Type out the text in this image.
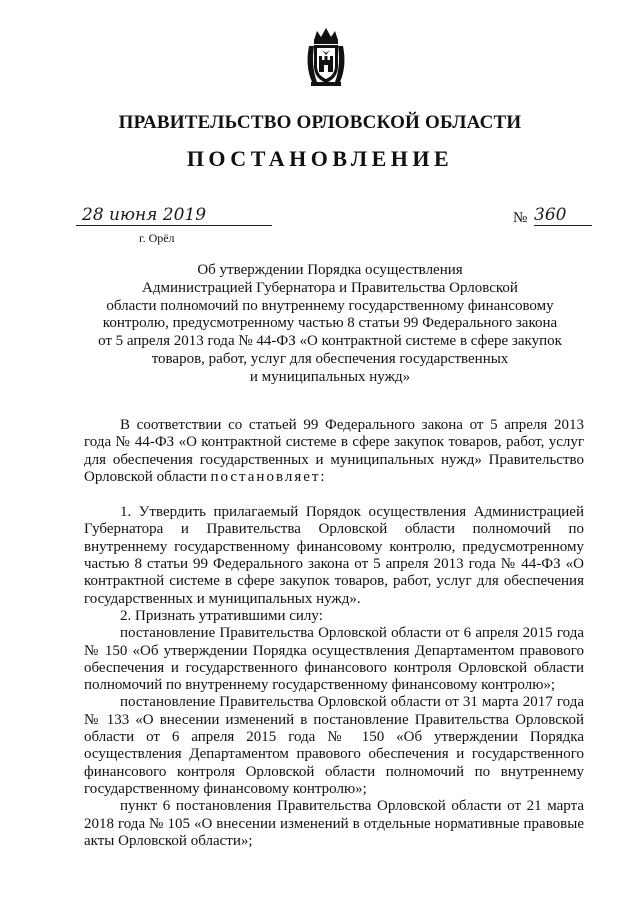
ПРАВИТЕЛЬСТВО ОРЛОВСКОЙ ОБЛАСТИ
ПОСТАНОВЛЕНИЕ
28 июня 2019	№ 360
г. Орёл
Об утверждении Порядка осуществления
Администрацией Губернатора и Правительства Орловской
области полномочий по внутреннему государственному финансовому
контролю, предусмотренному частью 8 статьи 99 Федерального закона
от 5 апреля 2013 года № 44-ФЗ «О контрактной системе в сфере закупок
товаров, работ, услуг для обеспечения государственных
и муниципальных нужд»

В соответствии со статьей 99 Федерального закона от 5 апреля 2013 года № 44-ФЗ «О контрактной системе в сфере закупок товаров, работ, услуг для обеспечения государственных и муниципальных нужд» Правительство Орловской области постановляет:

1. Утвердить прилагаемый Порядок осуществления Администрацией Губернатора и Правительства Орловской области полномочий по внутреннему государственному финансовому контролю, предусмотренному частью 8 статьи 99 Федерального закона от 5 апреля 2013 года № 44-ФЗ «О контрактной системе в сфере закупок товаров, работ, услуг для обеспечения государственных и муниципальных нужд».

2. Признать утратившими силу:

постановление Правительства Орловской области от 6 апреля 2015 года № 150 «Об утверждении Порядка осуществления Департаментом правового обеспечения и государственного финансового контроля Орловской области полномочий по внутреннему государственному финансовому контролю»;

постановление Правительства Орловской области от 31 марта 2017 года № 133 «О внесении изменений в постановление Правительства Орловской области от 6 апреля 2015 года № 150 «Об утверждении Порядка осуществления Департаментом правового обеспечения и государственного финансового контроля Орловской области полномочий по внутреннему государственному финансовому контролю»;

пункт 6 постановления Правительства Орловской области от 21 марта 2018 года № 105 «О внесении изменений в отдельные нормативные правовые акты Орловской области»;
